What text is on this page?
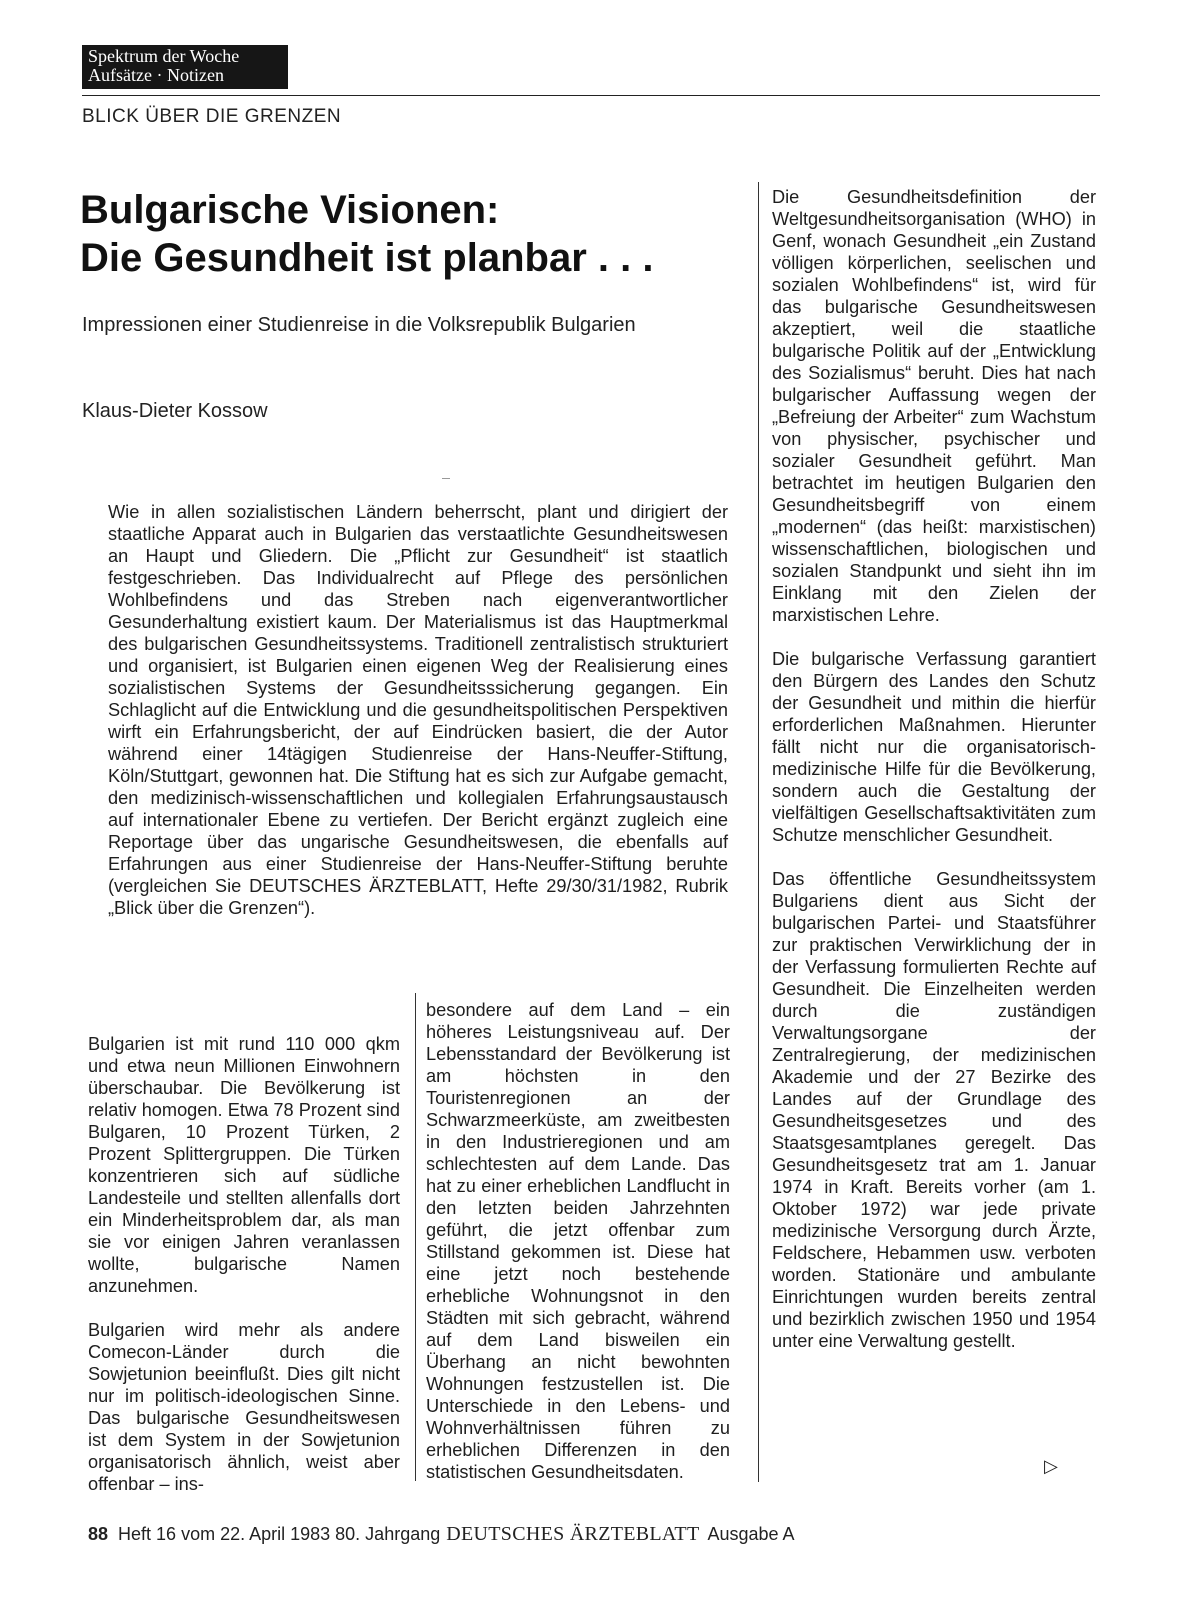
Spektrum der Woche
Aufsätze · Notizen
BLICK ÜBER DIE GRENZEN
Bulgarische Visionen:
Die Gesundheit ist planbar . . .
Impressionen einer Studienreise in die Volksrepublik Bulgarien
Klaus-Dieter Kossow
Wie in allen sozialistischen Ländern beherrscht, plant und dirigiert der staatliche Apparat auch in Bulgarien das verstaatlichte Gesundheitswesen an Haupt und Gliedern. Die „Pflicht zur Gesundheit“ ist staatlich festgeschrieben. Das Individualrecht auf Pflege des persönlichen Wohlbefindens und das Streben nach eigenverantwortlicher Gesunderhaltung existiert kaum. Der Materialismus ist das Hauptmerkmal des bulgarischen Gesundheitssystems. Traditionell zentralistisch strukturiert und organisiert, ist Bulgarien einen eigenen Weg der Realisierung eines sozialistischen Systems der Gesundheitsssicherung gegangen. Ein Schlaglicht auf die Entwicklung und die gesundheitspolitischen Perspektiven wirft ein Erfahrungsbericht, der auf Eindrücken basiert, die der Autor während einer 14tägigen Studienreise der Hans-Neuffer-Stiftung, Köln/Stuttgart, gewonnen hat. Die Stiftung hat es sich zur Aufgabe gemacht, den medizinisch-wissenschaftlichen und kollegialen Erfahrungsaustausch auf internationaler Ebene zu vertiefen. Der Bericht ergänzt zugleich eine Reportage über das ungarische Gesundheitswesen, die ebenfalls auf Erfahrungen aus einer Studienreise der Hans-Neuffer-Stiftung beruhte (vergleichen Sie DEUTSCHES ÄRZTEBLATT, Hefte 29/30/31/1982, Rubrik „Blick über die Grenzen“).

Bulgarien ist mit rund 110 000 qkm und etwa neun Millionen Einwohnern überschaubar. Die Bevölkerung ist relativ homogen. Etwa 78 Prozent sind Bulgaren, 10 Prozent Türken, 2 Prozent Splittergruppen. Die Türken konzentrieren sich auf südliche Landesteile und stellten allenfalls dort ein Minderheitsproblem dar, als man sie vor einigen Jahren veranlassen wollte, bulgarische Namen anzunehmen.

Bulgarien wird mehr als andere Comecon-Länder durch die Sowjetunion beeinflußt. Dies gilt nicht nur im politisch-ideologischen Sinne. Das bulgarische Gesundheitswesen ist dem System in der Sowjetunion organisatorisch ähnlich, weist aber offenbar – ins-

besondere auf dem Land – ein höheres Leistungsniveau auf. Der Lebensstandard der Bevölkerung ist am höchsten in den Touristenregionen an der Schwarzmeerküste, am zweitbesten in den Industrieregionen und am schlechtesten auf dem Lande. Das hat zu einer erheblichen Landflucht in den letzten beiden Jahrzehnten geführt, die jetzt offenbar zum Stillstand gekommen ist. Diese hat eine jetzt noch bestehende erhebliche Wohnungsnot in den Städten mit sich gebracht, während auf dem Land bisweilen ein Überhang an nicht bewohnten Wohnungen festzustellen ist. Die Unterschiede in den Lebens- und Wohnverhältnissen führen zu erheblichen Differenzen in den statistischen Gesundheitsdaten.

Die Gesundheitsdefinition der Weltgesundheitsorganisation (WHO) in Genf, wonach Gesundheit „ein Zustand völligen körperlichen, seelischen und sozialen Wohlbefindens“ ist, wird für das bulgarische Gesundheitswesen akzeptiert, weil die staatliche bulgarische Politik auf der „Entwicklung des Sozialismus“ beruht. Dies hat nach bulgarischer Auffassung wegen der „Befreiung der Arbeiter“ zum Wachstum von physischer, psychischer und sozialer Gesundheit geführt. Man betrachtet im heutigen Bulgarien den Gesundheitsbegriff von einem „modernen“ (das heißt: marxistischen) wissenschaftlichen, biologischen und sozialen Standpunkt und sieht ihn im Einklang mit den Zielen der marxistischen Lehre.

Die bulgarische Verfassung garantiert den Bürgern des Landes den Schutz der Gesundheit und mithin die hierfür erforderlichen Maßnahmen. Hierunter fällt nicht nur die organisatorisch-medizinische Hilfe für die Bevölkerung, sondern auch die Gestaltung der vielfältigen Gesellschaftsaktivitäten zum Schutze menschlicher Gesundheit.

Das öffentliche Gesundheitssystem Bulgariens dient aus Sicht der bulgarischen Partei- und Staatsführer zur praktischen Verwirklichung der in der Verfassung formulierten Rechte auf Gesundheit. Die Einzelheiten werden durch die zuständigen Verwaltungsorgane der Zentralregierung, der medizinischen Akademie und der 27 Bezirke des Landes auf der Grundlage des Gesundheitsgesetzes und des Staatsgesamtplanes geregelt. Das Gesundheitsgesetz trat am 1. Januar 1974 in Kraft. Bereits vorher (am 1. Oktober 1972) war jede private medizinische Versorgung durch Ärzte, Feldschere, Hebammen usw. verboten worden. Stationäre und ambulante Einrichtungen wurden bereits zentral und bezirklich zwischen 1950 und 1954 unter eine Verwaltung gestellt.

▷
88 Heft 16 vom 22. April 1983 80. Jahrgang DEUTSCHES ÄRZTEBLATT Ausgabe A
